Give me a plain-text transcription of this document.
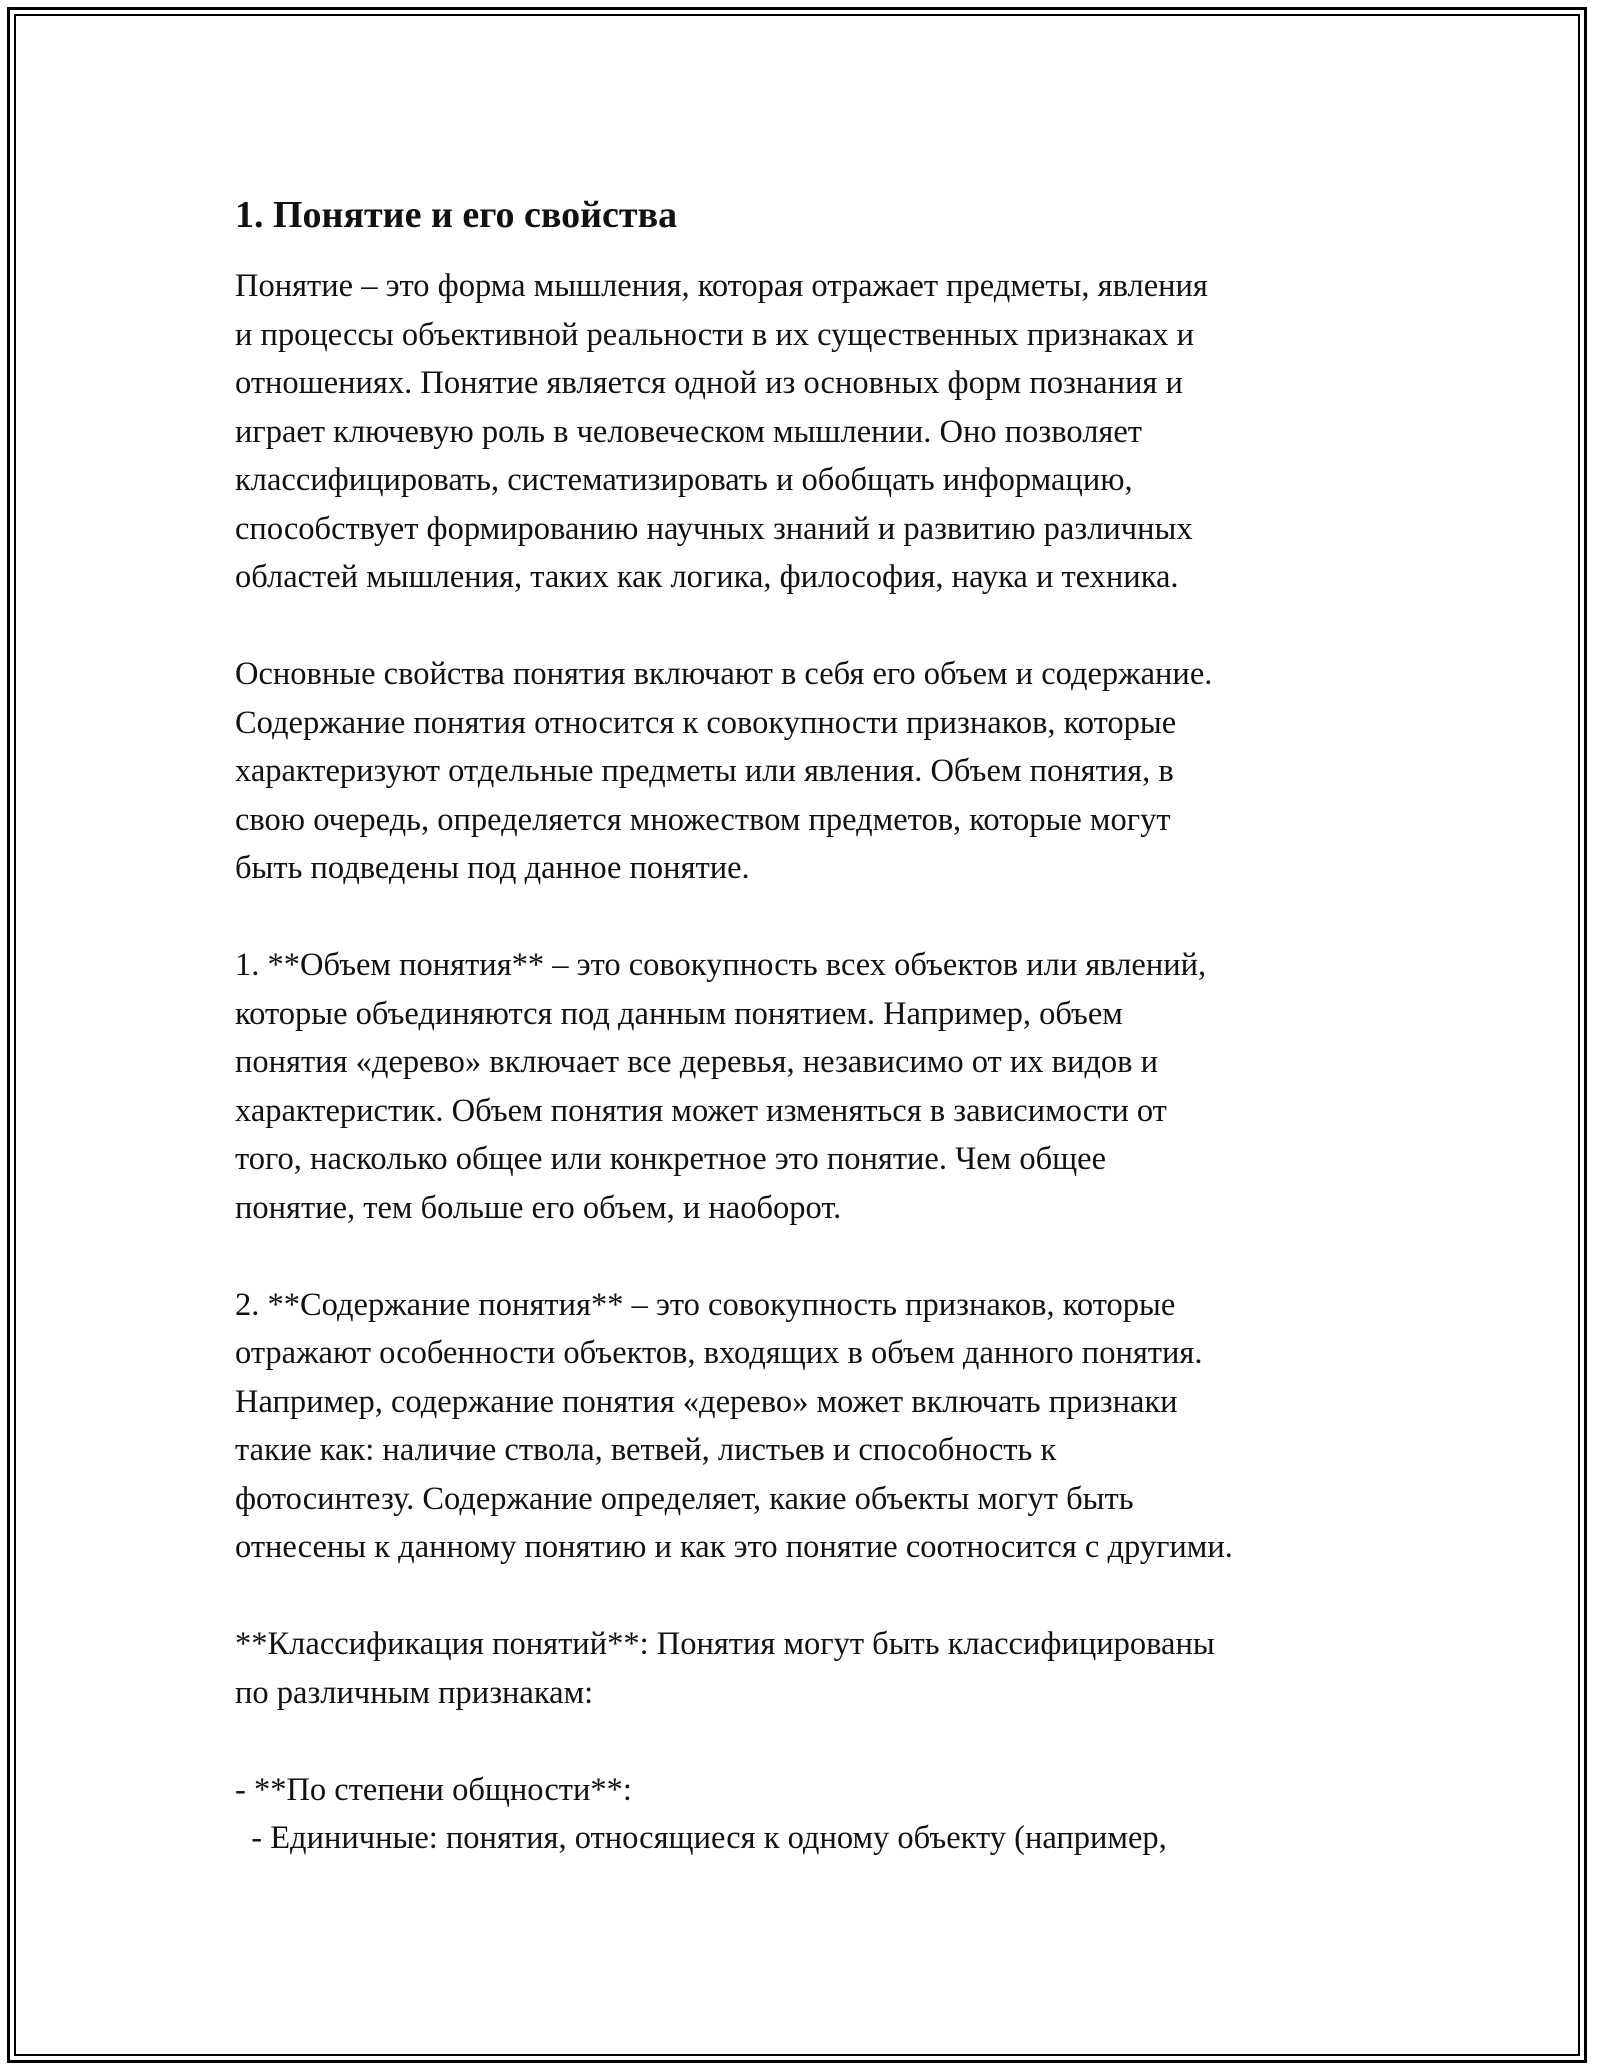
1. Понятие и его свойства

Понятие – это форма мышления, которая отражает предметы, явления
и процессы объективной реальности в их существенных признаках и
отношениях. Понятие является одной из основных форм познания и
играет ключевую роль в человеческом мышлении. Оно позволяет
классифицировать, систематизировать и обобщать информацию,
способствует формированию научных знаний и развитию различных
областей мышления, таких как логика, философия, наука и техника.

Основные свойства понятия включают в себя его объем и содержание.
Содержание понятия относится к совокупности признаков, которые
характеризуют отдельные предметы или явления. Объем понятия, в
свою очередь, определяется множеством предметов, которые могут
быть подведены под данное понятие.

1. **Объем понятия** – это совокупность всех объектов или явлений,
которые объединяются под данным понятием. Например, объем
понятия «дерево» включает все деревья, независимо от их видов и
характеристик. Объем понятия может изменяться в зависимости от
того, насколько общее или конкретное это понятие. Чем общее
понятие, тем больше его объем, и наоборот.

2. **Содержание понятия** – это совокупность признаков, которые
отражают особенности объектов, входящих в объем данного понятия.
Например, содержание понятия «дерево» может включать признаки
такие как: наличие ствола, ветвей, листьев и способность к
фотосинтезу. Содержание определяет, какие объекты могут быть
отнесены к данному понятию и как это понятие соотносится с другими.

**Классификация понятий**: Понятия могут быть классифицированы
по различным признакам:

- **По степени общности**:
- Единичные: понятия, относящиеся к одному объекту (например,
